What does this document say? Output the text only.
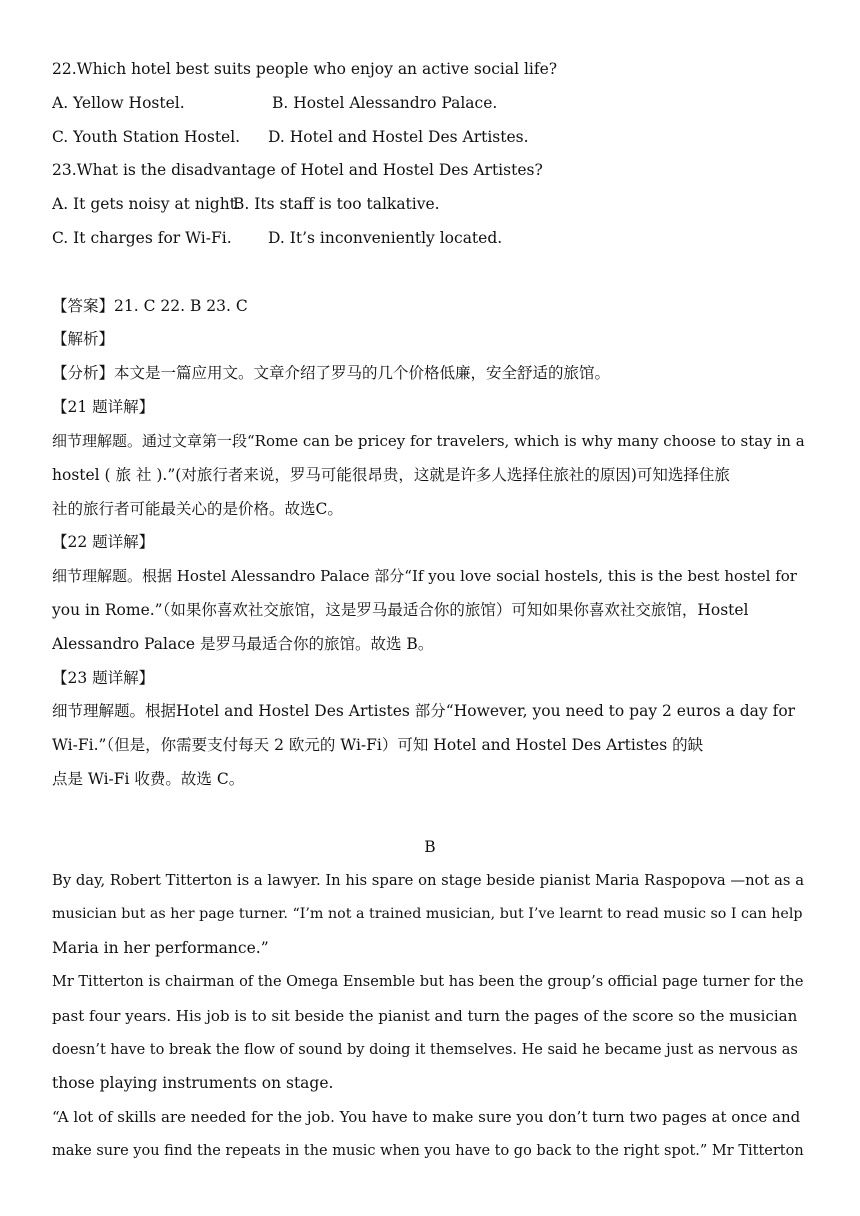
22.Which hotel best suits people who enjoy an active social life?
A. Yellow Hostel.	B. Hostel Alessandro Palace.
C. Youth Station Hostel. D. Hotel and Hostel Des Artistes.
23.What is the disadvantage of Hotel and Hostel Des Artistes?
A. It gets noisy at night.
B. Its staff is too talkative.
C. It charges for Wi-Fi. D. It’s inconveniently located.
【答案】21. C 22. B 23. C
【解析】
【分析】本文是一篇应用文。文章介绍了罗马的几个价格低廉，安全舒适的旅馆。
【21 题详解】
细节理解题。通过文章第一段“Rome can be pricey for travelers, which is why many choose to stay in a
hostel ( 旅 社 ).”(对旅行者来说，罗马可能很昂贵，这就是许多人选择住旅社的原因)可知选择住旅
社的旅行者可能最关心的是价格。故选C。
【22 题详解】
细节理解题。根据 Hostel Alessandro Palace 部分“If you love social hostels, this is the best hostel for
you in Rome.”（如果你喜欢社交旅馆，这是罗马最适合你的旅馆）可知如果你喜欢社交旅馆，Hostel
Alessandro Palace 是罗马最适合你的旅馆。故选 B。
【23 题详解】
细节理解题。根据Hotel and Hostel Des Artistes 部分“However, you need to pay 2 euros a day for
Wi-Fi.”（但是，你需要支付每天 2 欧元的 Wi-Fi）可知 Hotel and Hostel Des Artistes 的缺
点是 Wi-Fi 收费。故选 C。
B
By day, Robert Titterton is a lawyer. In his spare on stage beside pianist Maria Raspopova —not as a
musician but as her page turner. “I’m not a trained musician, but I’ve learnt to read music so I can help
Maria in her performance.”
Mr Titterton is chairman of the Omega Ensemble but has been the group’s official page turner for the
past four years. His job is to sit beside the pianist and turn the pages of the score so the musician
doesn’t have to break the flow of sound by doing it themselves. He said he became just as nervous as
those playing instruments on stage.
“A lot of skills are needed for the job. You have to make sure you don’t turn two pages at once and
make sure you find the repeats in the music when you have to go back to the right spot.” Mr Titterton
